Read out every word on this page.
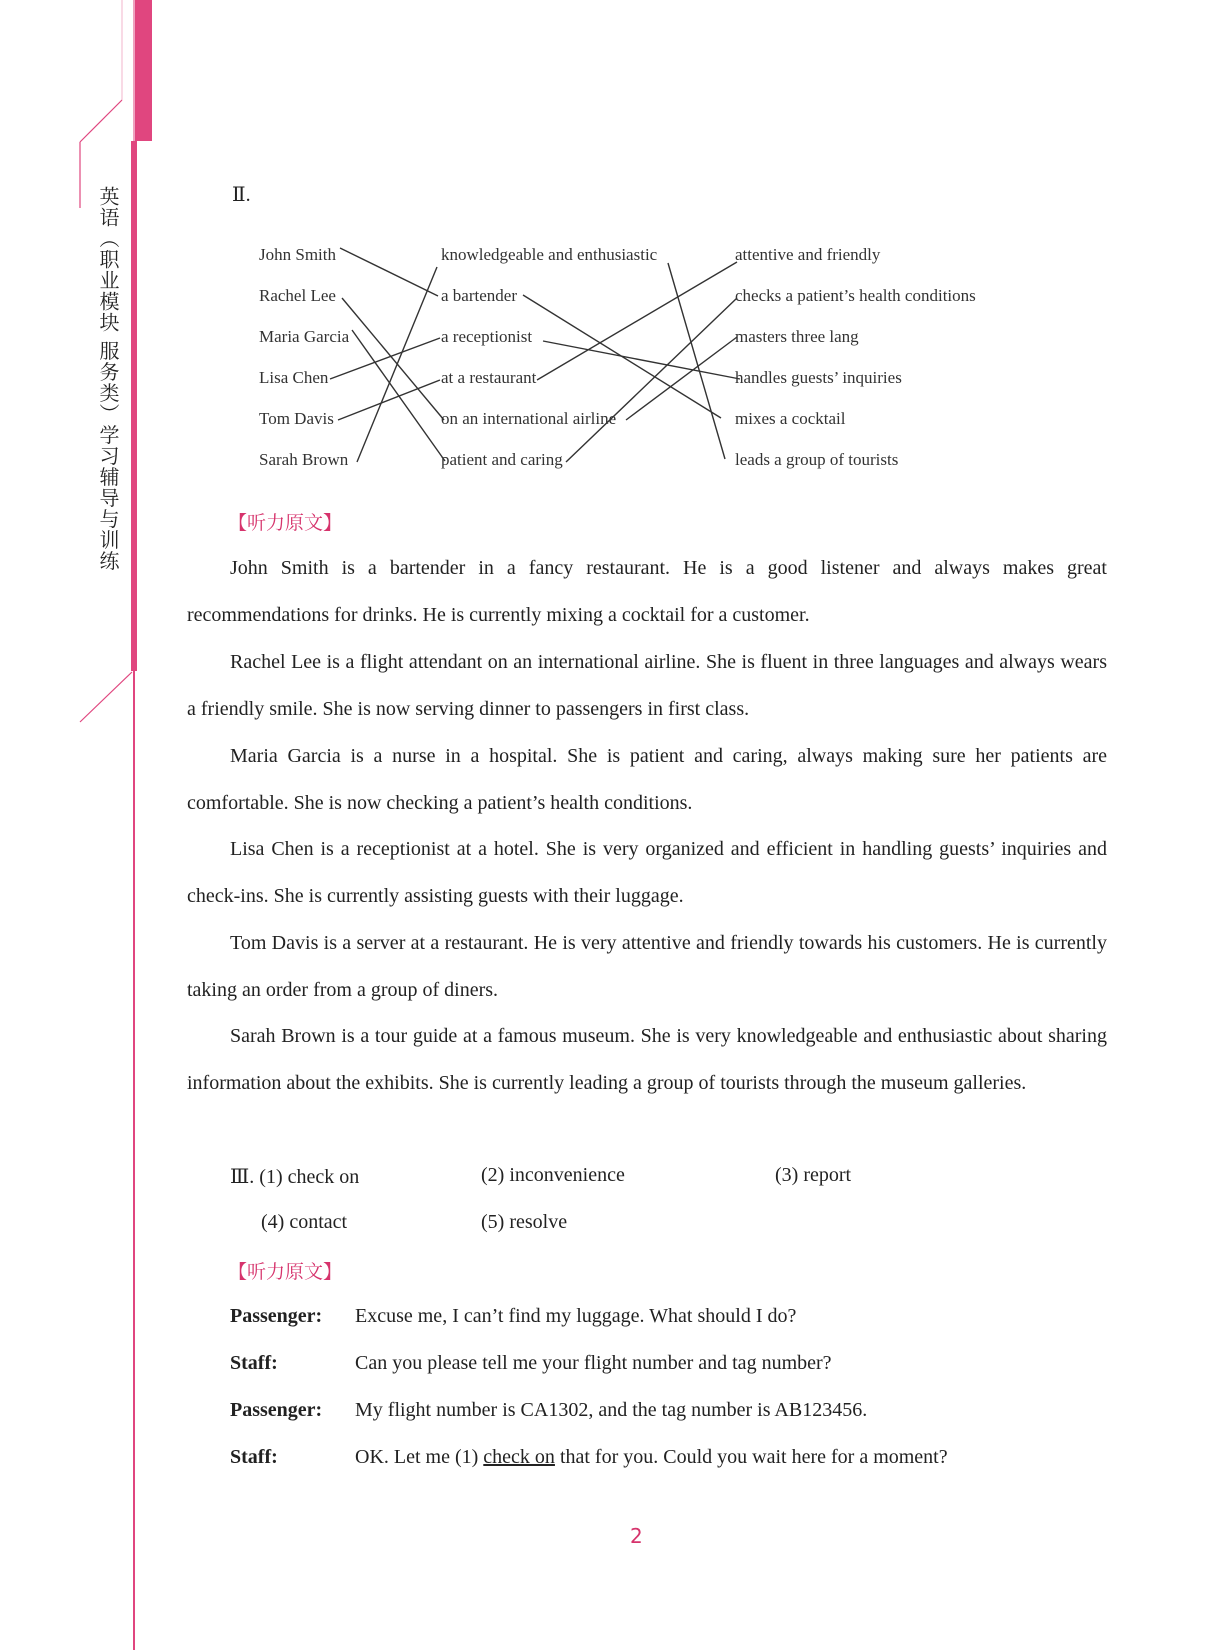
英语（职业模块 服务类）学习辅导与训练	Ⅱ.
John Smith
Rachel Lee
Maria Garcia
Lisa Chen
Tom Davis
Sarah Brown
knowledgeable and enthusiastic
a bartender
a receptionist
at a restaurant
on an international airline
patient and caring
attentive and friendly
checks a patient’s health conditions
masters three lang
handles guests’ inquiries
mixes a cocktail
leads a group of tourists
【听力原文】

John Smith is a bartender in a fancy restaurant. He is a good listener and always makes great recommendations for drinks. He is currently mixing a cocktail for a customer.

Rachel Lee is a flight attendant on an international airline. She is fluent in three languages and always wears a friendly smile. She is now serving dinner to passengers in first class.

Maria Garcia is a nurse in a hospital. She is patient and caring, always making sure her patients are comfortable. She is now checking a patient’s health conditions.

Lisa Chen is a receptionist at a hotel. She is very organized and efficient in handling guests’ inquiries and check-ins. She is currently assisting guests with their luggage.

Tom Davis is a server at a restaurant. He is very attentive and friendly towards his customers. He is currently taking an order from a group of diners.

Sarah Brown is a tour guide at a famous museum. She is very knowledgeable and enthusiastic about sharing information about the exhibits. She is currently leading a group of tourists through the museum galleries.

Ⅲ. (1) check on	(2) inconvenience	(3) report
(4) contact	(5) resolve
【听力原文】
Passenger: Excuse me, I can’t find my luggage. What should I do?
Staff:	Can you please tell me your flight number and tag number?
Passenger: My flight number is CA1302, and the tag number is AB123456.
Staff:	OK. Let me (1) check on that for you. Could you wait here for a moment?
2
